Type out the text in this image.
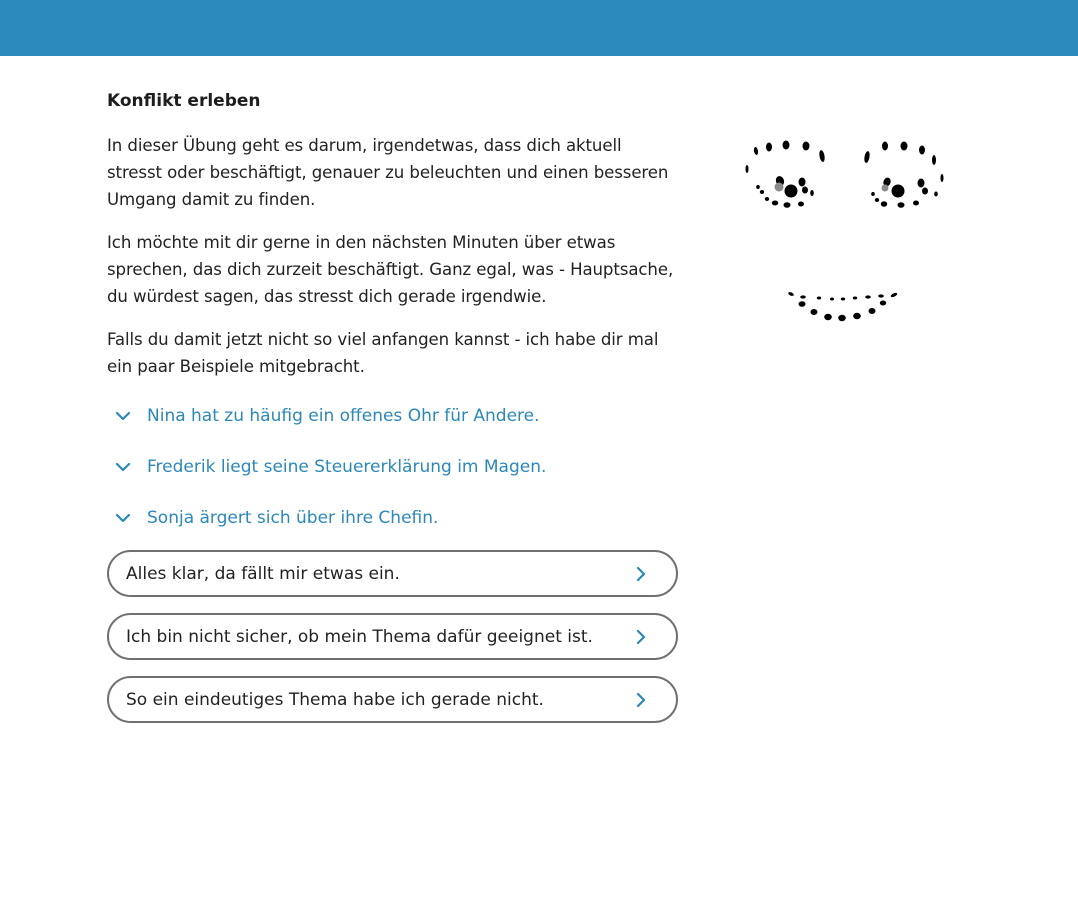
Konflikt erleben

In dieser Übung geht es darum, irgendetwas, dass dich aktuell stresst oder beschäftigt, genauer zu beleuchten und einen besseren Umgang damit zu finden.

Ich möchte mit dir gerne in den nächsten Minuten über etwas sprechen, das dich zurzeit beschäftigt. Ganz egal, was - Hauptsache, du würdest sagen, das stresst dich gerade irgendwie.

Falls du damit jetzt nicht so viel anfangen kannst - ich habe dir mal ein paar Beispiele mitgebracht.

Nina hat zu häufig ein offenes Ohr für Andere.
Frederik liegt seine Steuererklärung im Magen.
Sonja ärgert sich über ihre Chefin.
Alles klar, da fällt mir etwas ein.
Ich bin nicht sicher, ob mein Thema dafür geeignet ist.
So ein eindeutiges Thema habe ich gerade nicht.
